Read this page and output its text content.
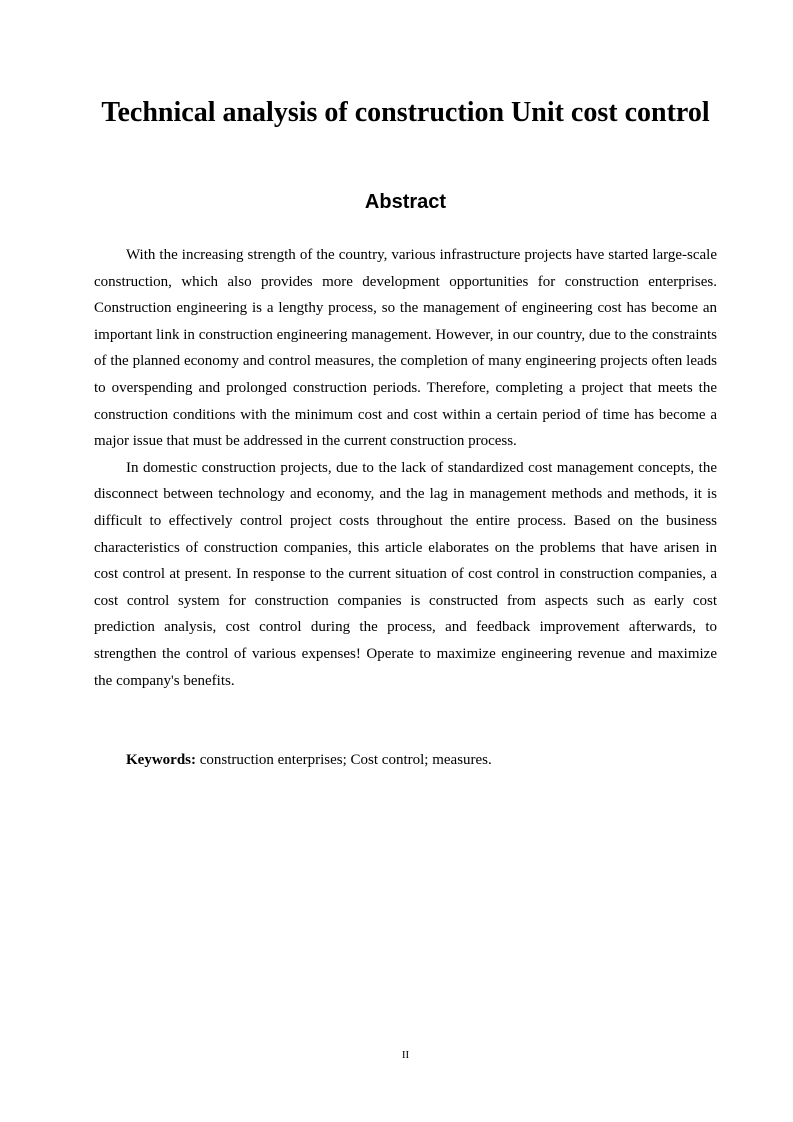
Technical analysis of construction Unit cost control
Abstract

With the increasing strength of the country, various infrastructure projects have started large-scale construction, which also provides more development opportunities for construction enterprises. Construction engineering is a lengthy process, so the management of engineering cost has become an important link in construction engineering management. However, in our country, due to the constraints of the planned economy and control measures, the completion of many engineering projects often leads to overspending and prolonged construction periods. Therefore, completing a project that meets the construction conditions with the minimum cost and cost within a certain period of time has become a major issue that must be addressed in the current construction process.

In domestic construction projects, due to the lack of standardized cost management concepts, the disconnect between technology and economy, and the lag in management methods and methods, it is difficult to effectively control project costs throughout the entire process. Based on the business characteristics of construction companies, this article elaborates on the problems that have arisen in cost control at present. In response to the current situation of cost control in construction companies, a cost control system for construction companies is constructed from aspects such as early cost prediction analysis, cost control during the process, and feedback improvement afterwards, to strengthen the control of various expenses! Operate to maximize engineering revenue and maximize the company's benefits.

Keywords: construction enterprises; Cost control; measures.

II
